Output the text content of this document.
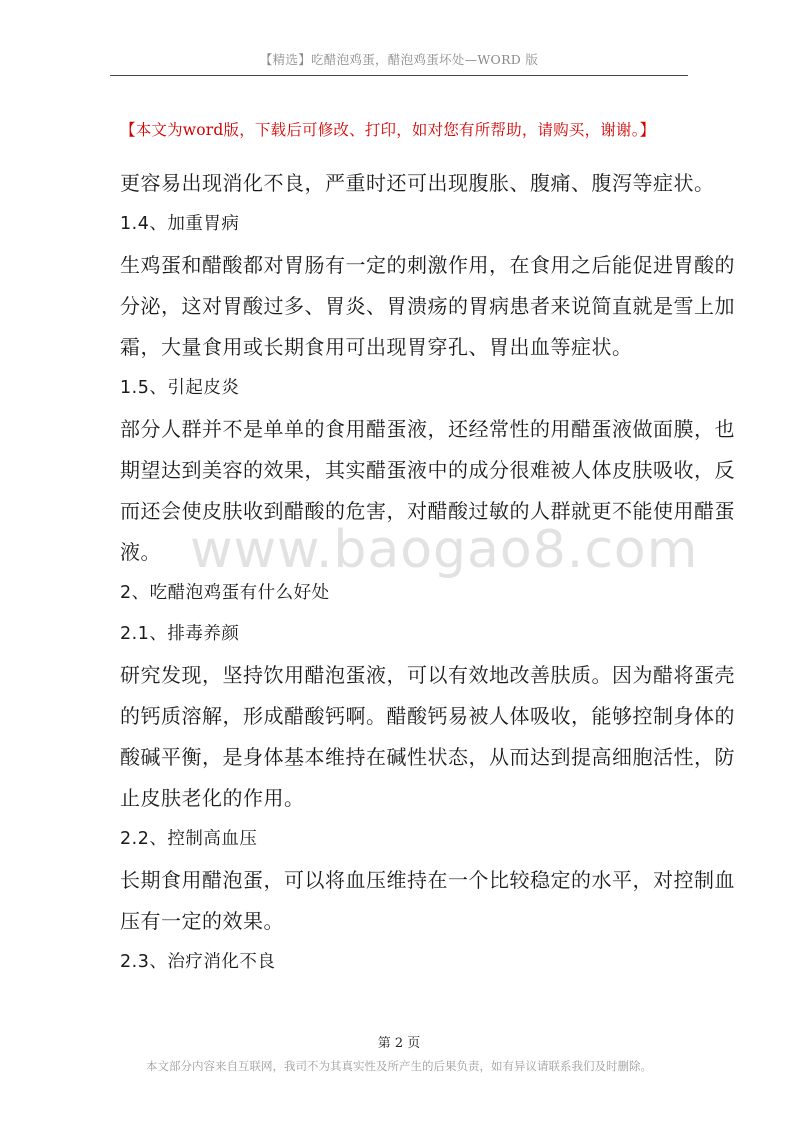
【精选】吃醋泡鸡蛋，醋泡鸡蛋坏处—WORD 版
【本文为word版，下载后可修改、打印，如对您有所帮助，请购买，谢谢。】
www.baogao8.com
更容易出现消化不良，严重时还可出现腹胀、腹痛、腹泻等症状。
1.4、加重胃病
生鸡蛋和醋酸都对胃肠有一定的刺激作用，在食用之后能促进胃酸的
分泌，这对胃酸过多、胃炎、胃溃疡的胃病患者来说简直就是雪上加
霜，大量食用或长期食用可出现胃穿孔、胃出血等症状。
1.5、引起皮炎
部分人群并不是单单的食用醋蛋液，还经常性的用醋蛋液做面膜，也
期望达到美容的效果，其实醋蛋液中的成分很难被人体皮肤吸收，反
而还会使皮肤收到醋酸的危害，对醋酸过敏的人群就更不能使用醋蛋
液。
2、吃醋泡鸡蛋有什么好处
2.1、排毒养颜
研究发现，坚持饮用醋泡蛋液，可以有效地改善肤质。因为醋将蛋壳
的钙质溶解，形成醋酸钙啊。醋酸钙易被人体吸收，能够控制身体的
酸碱平衡，是身体基本维持在碱性状态，从而达到提高细胞活性，防
止皮肤老化的作用。
2.2、控制高血压
长期食用醋泡蛋，可以将血压维持在一个比较稳定的水平，对控制血
压有一定的效果。
2.3、治疗消化不良
第 2 页
本文部分内容来自互联网，我司不为其真实性及所产生的后果负责，如有异议请联系我们及时删除。
